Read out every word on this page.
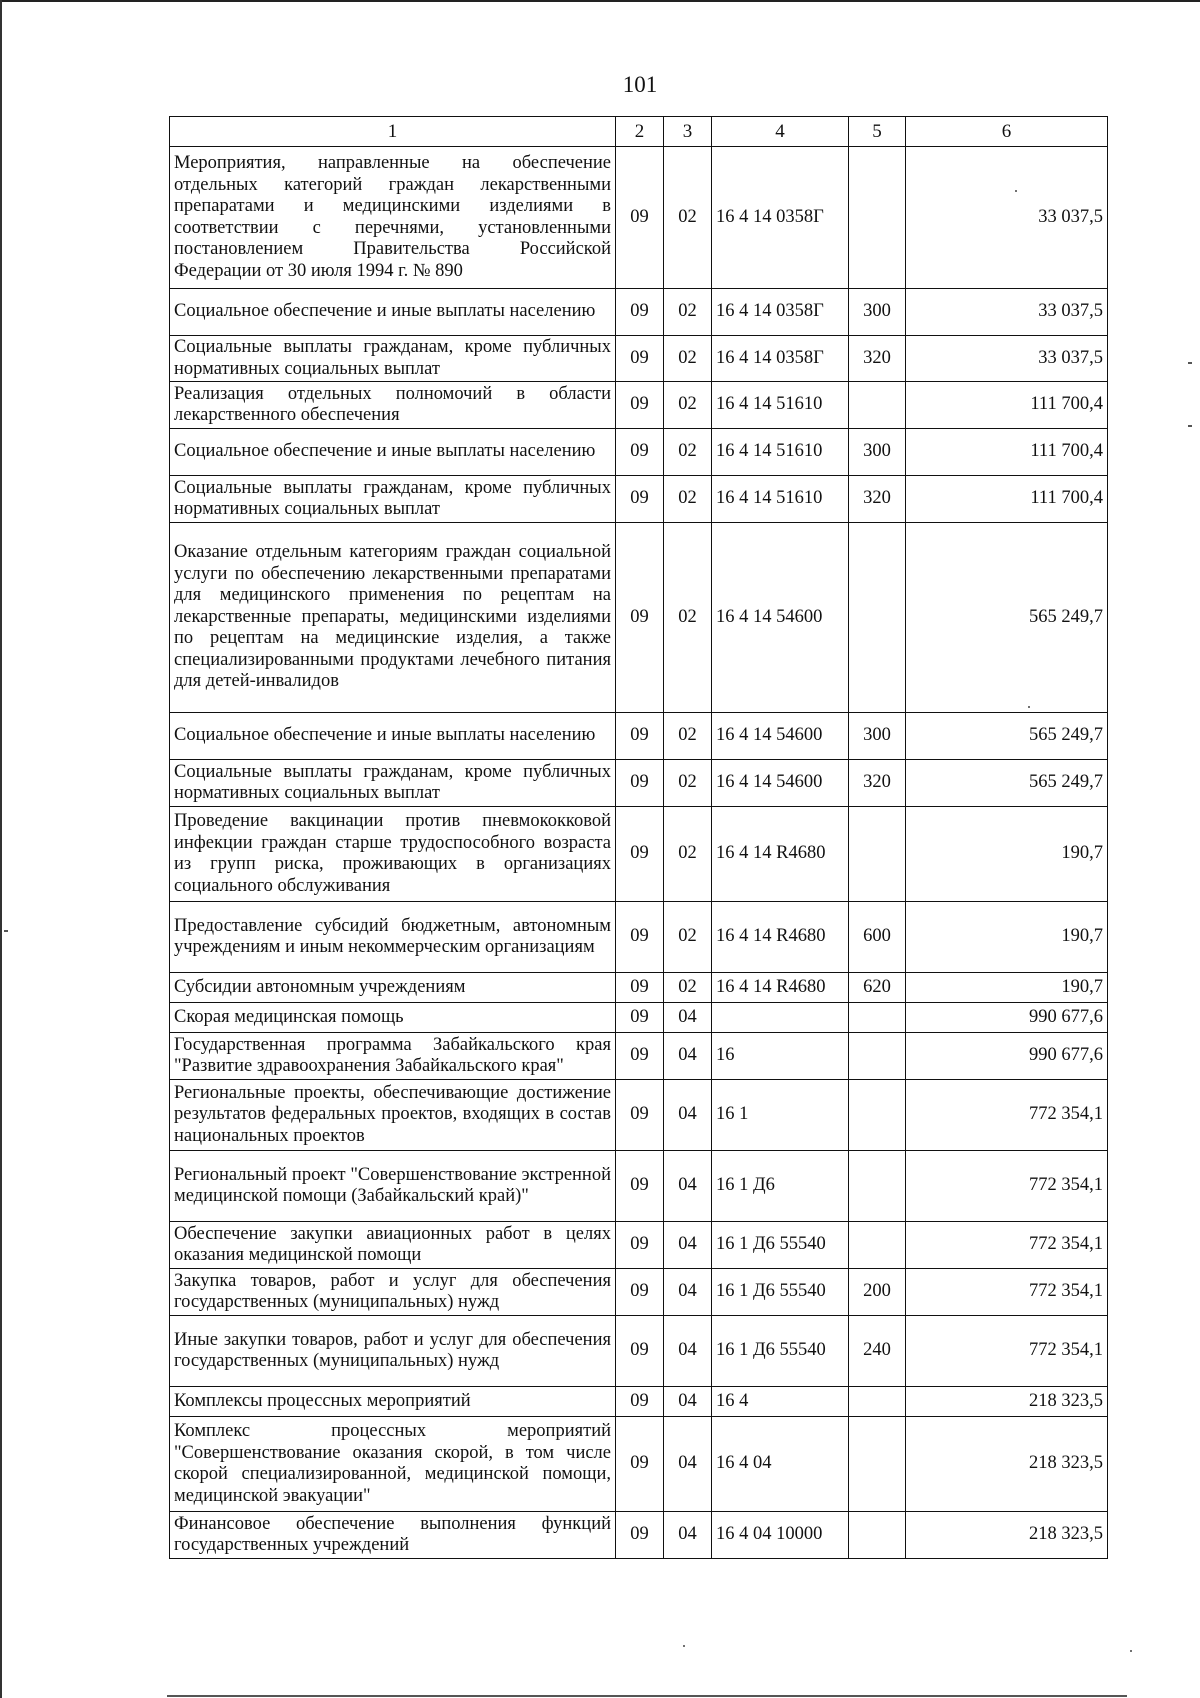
101
1	2	3	4	5	6
Мероприятия, направленные на обеспечение отдельных категорий граждан лекарственными препаратами и медицинскими изделиями в соответствии с перечнями, установленными постановлением Правительства Российской Федерации от 30 июля 1994 г. № 890	09	02	16 4 14 0358Г		33 037,5
Социальное обеспечение и иные выплаты населению	09	02	16 4 14 0358Г	300	33 037,5
Социальные выплаты гражданам, кроме публичных нормативных социальных выплат	09	02	16 4 14 0358Г	320	33 037,5
Реализация отдельных полномочий в области лекарственного обеспечения	09	02	16 4 14 51610		111 700,4
Социальное обеспечение и иные выплаты населению	09	02	16 4 14 51610	300	111 700,4
Социальные выплаты гражданам, кроме публичных нормативных социальных выплат	09	02	16 4 14 51610	320	111 700,4
Оказание отдельным категориям граждан социальной услуги по обеспечению лекарственными препаратами для медицинского применения по рецептам на лекарственные препараты, медицинскими изделиями по рецептам на медицинские изделия, а также специализированными продуктами лечебного питания для детей-инвалидов	09	02	16 4 14 54600		565 249,7
Социальное обеспечение и иные выплаты населению	09	02	16 4 14 54600	300	565 249,7
Социальные выплаты гражданам, кроме публичных нормативных социальных выплат	09	02	16 4 14 54600	320	565 249,7
Проведение вакцинации против пневмококковой инфекции граждан старше трудоспособного возраста из групп риска, проживающих в организациях социального обслуживания	09	02	16 4 14 R4680		190,7
Предоставление субсидий бюджетным, автономным учреждениям и иным некоммерческим организациям	09	02	16 4 14 R4680	600	190,7
Субсидии автономным учреждениям	09	02	16 4 14 R4680	620	190,7
Скорая медицинская помощь	09	04			990 677,6
Государственная программа Забайкальского края "Развитие здравоохранения Забайкальского края"	09	04	16		990 677,6
Региональные проекты, обеспечивающие достижение результатов федеральных проектов, входящих в состав национальных проектов	09	04	16 1		772 354,1
Региональный проект "Совершенствование экстренной медицинской помощи (Забайкальский край)"	09	04	16 1 Д6		772 354,1
Обеспечение закупки авиационных работ в целях оказания медицинской помощи	09	04	16 1 Д6 55540		772 354,1
Закупка товаров, работ и услуг для обеспечения государственных (муниципальных) нужд	09	04	16 1 Д6 55540	200	772 354,1
Иные закупки товаров, работ и услуг для обеспечения государственных (муниципальных) нужд	09	04	16 1 Д6 55540	240	772 354,1
Комплексы процессных мероприятий	09	04	16 4		218 323,5
Комплекс процессных мероприятий "Совершенствование оказания скорой, в том числе скорой специализированной, медицинской помощи, медицинской эвакуации"	09	04	16 4 04		218 323,5
Финансовое обеспечение выполнения функций государственных учреждений	09	04	16 4 04 10000		218 323,5
